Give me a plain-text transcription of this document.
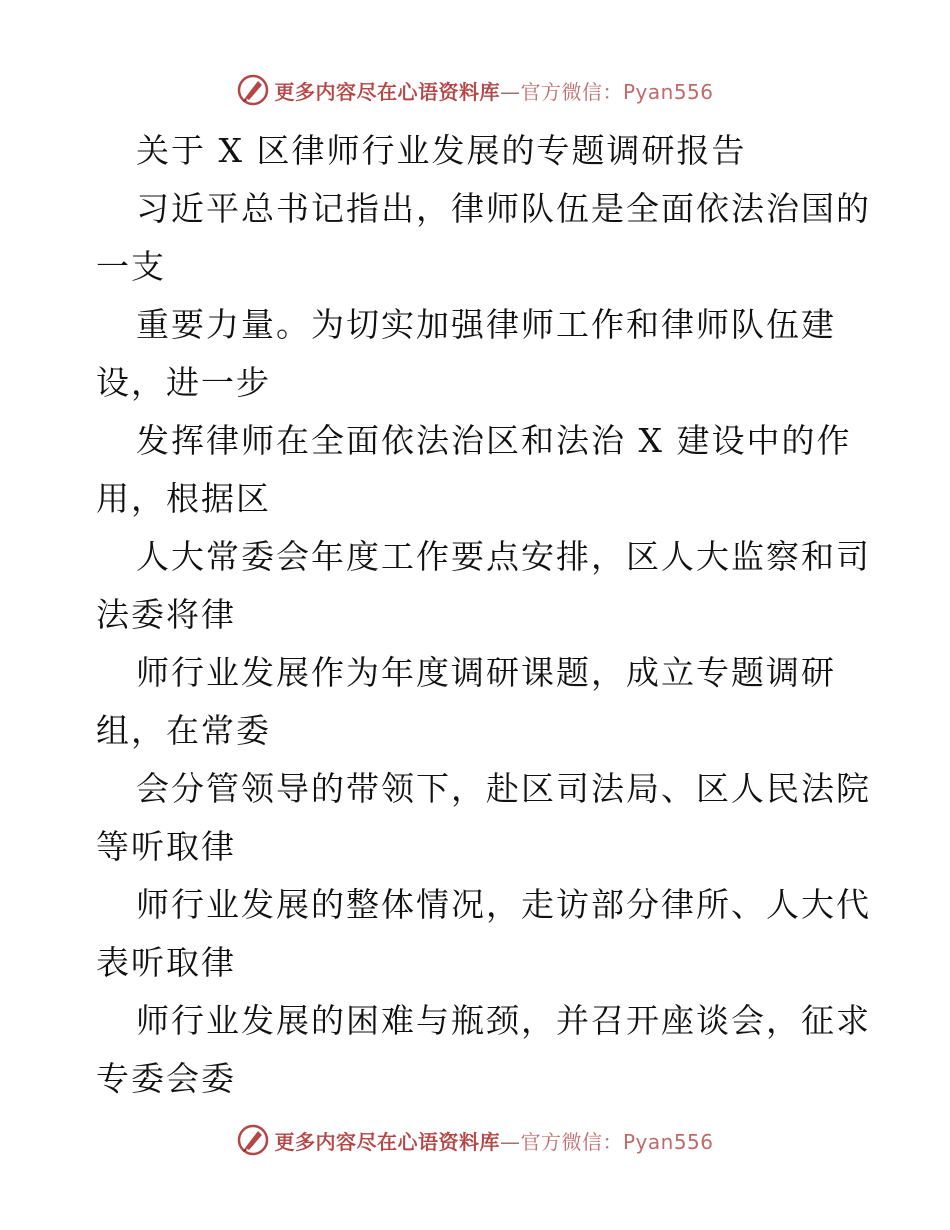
更多内容尽在心语资料库—官方微信：Pyan556
关于 X 区律师行业发展的专题调研报告
习近平总书记指出，律师队伍是全面依法治国的
一支
重要力量。为切实加强律师工作和律师队伍建
设，进一步
发挥律师在全面依法治区和法治 X 建设中的作
用，根据区
人大常委会年度工作要点安排，区人大监察和司
法委将律
师行业发展作为年度调研课题，成立专题调研
组，在常委
会分管领导的带领下，赴区司法局、区人民法院
等听取律
师行业发展的整体情况，走访部分律所、人大代
表听取律
师行业发展的困难与瓶颈，并召开座谈会，征求
专委会委
更多内容尽在心语资料库—官方微信：Pyan556
